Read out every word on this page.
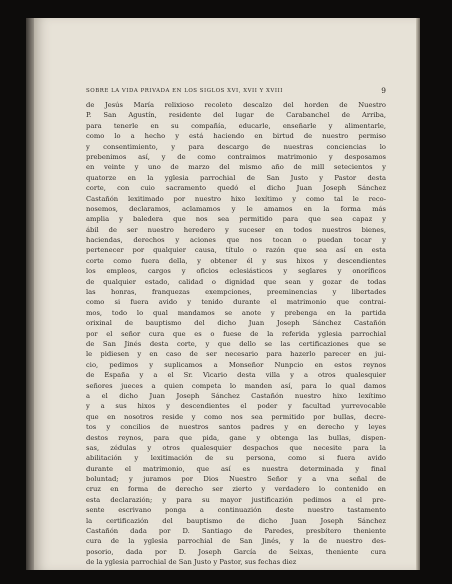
SOBRE LA VIDA PRIVADA EN LOS SIGLOS XVI, XVII Y XVIII	9
de Jesús María relixioso recoleto descalzo del horden de Nuestro
P. San Agustín, residente del lugar de Carabanchel de Arriba,
para tenerle en su compañía, educarle, enseñarle y alimentarle,
como lo a hecho y está haciendo en birtud de nuestro permiso
y consentimiento, y para descargo de nuestras conciencias lo
prebenimos así, y de como contraimos matrimonio y desposamos
en veinte y uno de marzo del mismo año de mill setecientos y
quatorze en la yglesia parrochial de San Justo y Pastor desta
corte, con cuio sacramento quedó el dicho Juan Joseph Sánchez
Castañón lexitimado por nuestro hixo lexítimo y como tal le reco-
nosemos, declaramos, aclamamos y le amamos en la forma más
amplia y baledera que nos sea permitido para que sea capaz y
ábil de ser nuestro heredero y suceser en todos nuestros bienes,
haciendas, derechos y aciones que nos tocan o puedan tocar y
pertenecer por qualquier causa, título o razón que sea así en esta
corte como fuera della, y obtener él y sus hixos y descendientes
los empleos, cargos y oficios eclesiásticos y seglares y onoríficos
de qualquier estado, calidad o dignidad que sean y gozar de todas
las honras, franquezas exempciones, preeminencias y libertades
como si fuera avido y tenido durante el matrimonio que contrai-
mos, todo lo qual mandamos se anote y prebenga en la partida
orixinal de bauptismo del dicho Juan Joseph Sánchez Castañón
por el señor cura que es o fuese de la referida yglesia parrochial
de San Jinés desta corte, y que dello se las certificaziones que se
le pidiesen y en caso de ser necesario para hazerlo parecer en jui-
cio, pedimos y suplicamos a Monseñor Nunpcio en estos reynos
de España y a el Sr. Vicario desta villa y a otros qualesquier
señores jueces a quien competa lo manden así, para lo qual damos
a el dicho Juan Joseph Sánchez Castañón nuestro hixo lexítimo
y a sus hixos y descendientes el poder y facultad yurrevocable
que en nosotros reside y como nos sea permitido por bullas, decre-
tos y concilios de nuestros santos padres y en derecho y leyes
destos reynos, para que pida, gane y obtenga las bullas, dispen-
sas, zédulas y otros qualesquier despachos que necesite para la
abilitación y lexitimación de su persona, como si fuera avido
durante el matrimonio, que así es nuestra determinada y final
boluntad; y juramos por Dios Nuestro Señor y a vna señal de
cruz en forma de derecho ser zierto y verdadero lo contenido en
esta declarazión; y para su mayor justificazión pedimos a el pre-
sente escrivano ponga a continuazión deste nuestro tastamento
la certificazión del bauptismo de dicho Juan Joseph Sánchez
Castañón dada por D. Santiago de Paredes, presbítero theniente
cura de la yglesia parrochial de San Jinés, y la de nuestro des-
posorio, dada por D. Joseph García de Seixas, theniente cura
de la yglesia parrochial de San Justo y Pastor, sus fechas diez
